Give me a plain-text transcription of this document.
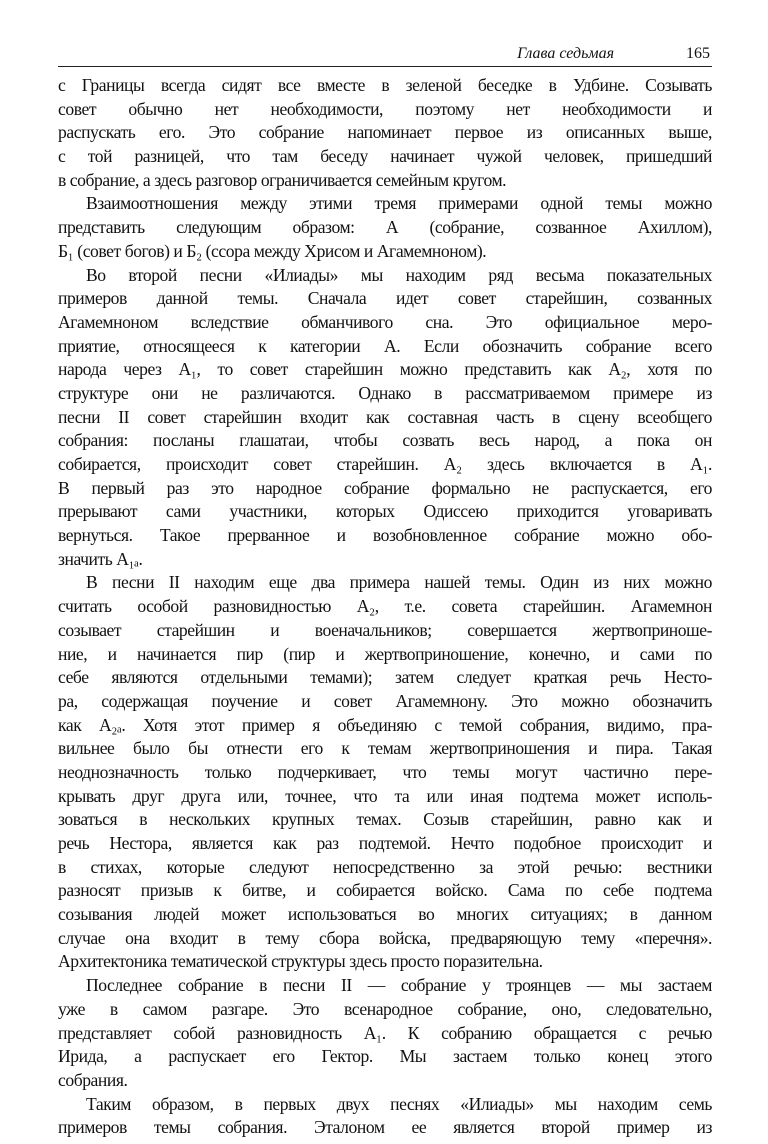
Глава седьмая	165
с Границы всегда сидят все вместе в зеленой беседке в Удбине. Созывать
совет обычно нет необходимости, поэтому нет необходимости и
распускать его. Это собрание напоминает первое из описанных выше,
с той разницей, что там беседу начинает чужой человек, пришедший
в собрание, а здесь разговор ограничивается семейным кругом.
Взаимоотношения между этими тремя примерами одной темы можно
представить следующим образом: А (собрание, созванное Ахиллом),
Б₁ (совет богов) и Б₂ (ссора между Хрисом и Агамемноном).
Во второй песни «Илиады» мы находим ряд весьма показательных
примеров данной темы. Сначала идет совет старейшин, созванных
Агамемноном вследствие обманчивого сна. Это официальное меро-
приятие, относящееся к категории А. Если обозначить собрание всего
народа через А₁, то совет старейшин можно представить как А₂, хотя по
структуре они не различаются. Однако в рассматриваемом примере из
песни II совет старейшин входит как составная часть в сцену всеобщего
собрания: посланы глашатаи, чтобы созвать весь народ, а пока он
собирается, происходит совет старейшин. А₂ здесь включается в А₁.
В первый раз это народное собрание формально не распускается, его
прерывают сами участники, которых Одиссею приходится уговаривать
вернуться. Такое прерванное и возобновленное собрание можно обо-
значить А₁ₐ.
В песни II находим еще два примера нашей темы. Один из них можно
считать особой разновидностью А₂, т.е. совета старейшин. Агамемнон
созывает старейшин и военачальников; совершается жертвоприноше-
ние, и начинается пир (пир и жертвоприношение, конечно, и сами по
себе являются отдельными темами); затем следует краткая речь Несто-
ра, содержащая поучение и совет Агамемнону. Это можно обозначить
как А₂ₐ. Хотя этот пример я объединяю с темой собрания, видимо, пра-
вильнее было бы отнести его к темам жертвоприношения и пира. Такая
неоднозначность только подчеркивает, что темы могут частично пере-
крывать друг друга или, точнее, что та или иная подтема может исполь-
зоваться в нескольких крупных темах. Созыв старейшин, равно как и
речь Нестора, является как раз подтемой. Нечто подобное происходит и
в стихах, которые следуют непосредственно за этой речью: вестники
разносят призыв к битве, и собирается войско. Сама по себе подтема
созывания людей может использоваться во многих ситуациях; в данном
случае она входит в тему сбора войска, предваряющую тему «перечня».
Архитектоника тематической структуры здесь просто поразительна.
Последнее собрание в песни II — собрание у троянцев — мы застаем
уже в самом разгаре. Это всенародное собрание, оно, следовательно,
представляет собой разновидность А₁. К собранию обращается с речью
Ирида, а распускает его Гектор. Мы застаем только конец этого
собрания.
Таким образом, в первых двух песнях «Илиады» мы находим семь
примеров темы собрания. Эталоном ее является второй пример из
